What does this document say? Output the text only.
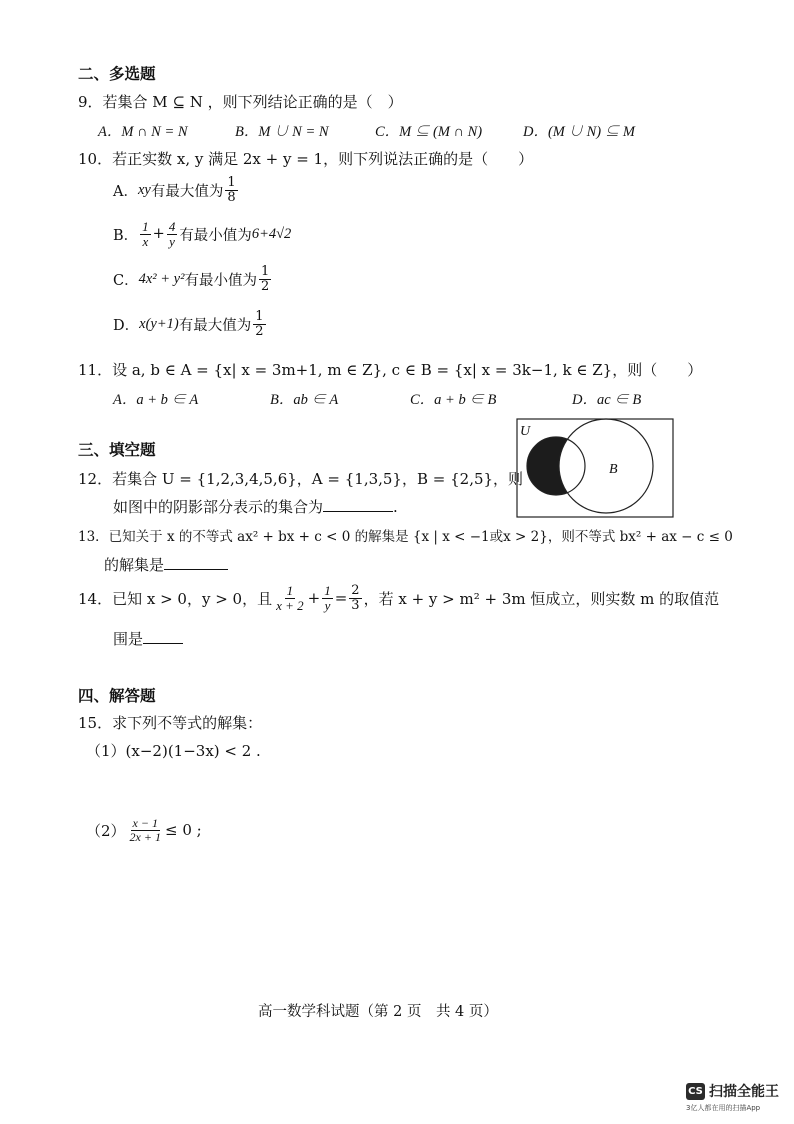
二、多选题
9．若集合 M ⊆ N ，则下列结论正确的是（　）
A．M ∩ N = N	B．M ∪ N = N	C．M ⊆ (M ∩ N)	D．(M ∪ N) ⊆ M
10．若正实数 x, y 满足 2x + y = 1，则下列说法正确的是（　　）
A． xy 有最大值为 $\frac{1}{8}$
B． $\frac{1}{x} + \frac{4}{y}$ 有最小值为 6+4√2
C． 4x² + y² 有最小值为 $\frac{1}{2}$
D． x(y+1) 有最大值为 $\frac{1}{2}$
11．设 a, b ∈ A = {x| x = 3m+1, m ∈ Z}, c ∈ B = {x| x = 3k−1, k ∈ Z}，则（　　）
A．a + b ∈ A	B．ab ∈ A	C．a + b ∈ B	D．ac ∈ B
三、填空题
U
B
12．若集合 U = {1,2,3,4,5,6}，A = {1,3,5}，B = {2,5}，则
如图中的阴影部分表示的集合为	.
13．已知关于 x 的不等式 ax² + bx + c < 0 的解集是 {x | x < −1或x > 2}，则不等式 bx² + ax − c ≤ 0
的解集是
14．已知 x > 0，y > 0，且 $\frac{1}{x + 2} + \frac{1}{y} = \frac{2}{3}$ ，若 x + y > m² + 3m 恒成立，则实数 m 的取值范
围是
四、解答题
15．求下列不等式的解集：
（1）(x−2)(1−3x) < 2 .
$(2) \frac{x - 1}{2x + 1} \le 0$ ;
高一数学科试题（第 2 页　共 4 页）
CS 扫描全能王
3亿人都在用的扫描App
